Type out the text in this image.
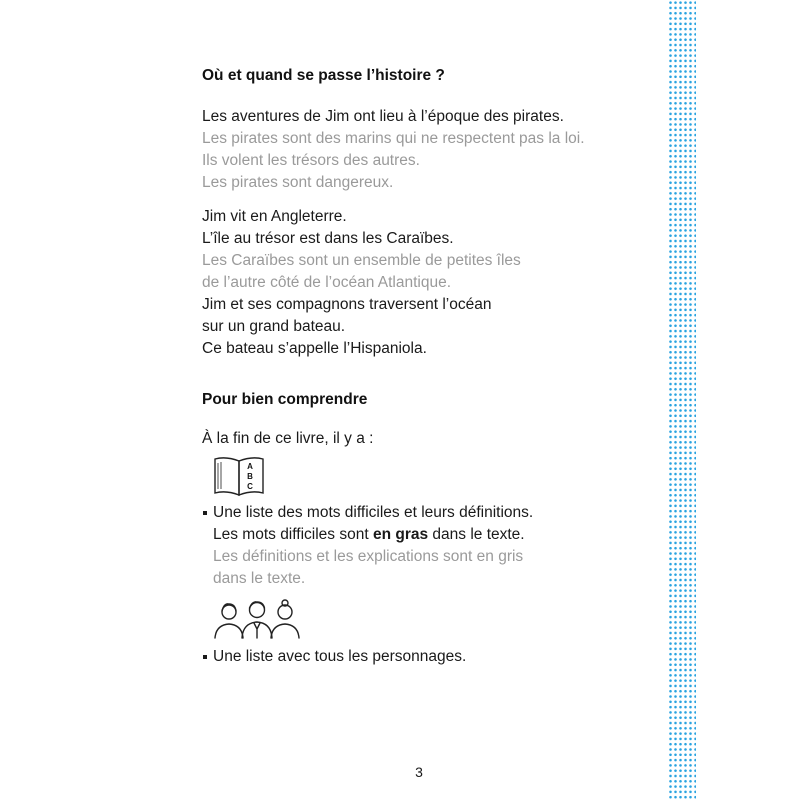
Où et quand se passe l’histoire ?
Les aventures de Jim ont lieu à l’époque des pirates.
Les pirates sont des marins qui ne respectent pas la loi.
Ils volent les trésors des autres.
Les pirates sont dangereux.
Jim vit en Angleterre.
L’île au trésor est dans les Caraïbes.
Les Caraïbes sont un ensemble de petites îles
de l’autre côté de l’océan Atlantique.
Jim et ses compagnons traversent l’océan
sur un grand bateau.
Ce bateau s’appelle l’Hispaniola.
Pour bien comprendre
À la fin de ce livre, il y a :
A
B
C
Une liste des mots difficiles et leurs définitions.
Les mots difficiles sont en gras dans le texte.
Les définitions et les explications sont en gris
dans le texte.
Une liste avec tous les personnages.
3
